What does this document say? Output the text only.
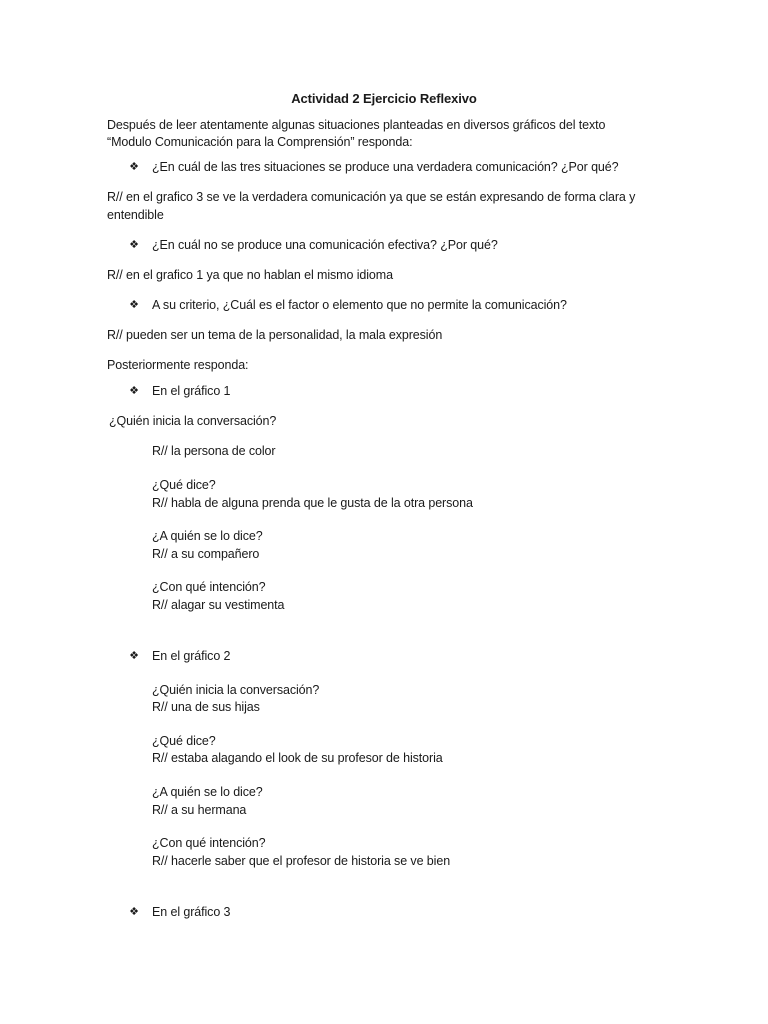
Actividad 2 Ejercicio Reflexivo
Después de leer atentamente algunas situaciones planteadas en diversos gráficos del texto
“Modulo Comunicación para la Comprensión” responda:
❖ ¿En cuál de las tres situaciones se produce una verdadera comunicación? ¿Por qué?
R// en el grafico 3 se ve la verdadera comunicación ya que se están expresando de forma clara y
entendible
❖ ¿En cuál no se produce una comunicación efectiva? ¿Por qué?
R// en el grafico 1 ya que no hablan el mismo idioma
❖ A su criterio, ¿Cuál es el factor o elemento que no permite la comunicación?
R// pueden ser un tema de la personalidad, la mala expresión
Posteriormente responda:
❖ En el gráfico 1
¿Quién inicia la conversación?
R// la persona de color
¿Qué dice?
R// habla de alguna prenda que le gusta de la otra persona
¿A quién se lo dice?
R// a su compañero
¿Con qué intención?
R// alagar su vestimenta
❖ En el gráfico 2
¿Quién inicia la conversación?
R// una de sus hijas
¿Qué dice?
R// estaba alagando el look de su profesor de historia
¿A quién se lo dice?
R// a su hermana
¿Con qué intención?
R// hacerle saber que el profesor de historia se ve bien
❖ En el gráfico 3
